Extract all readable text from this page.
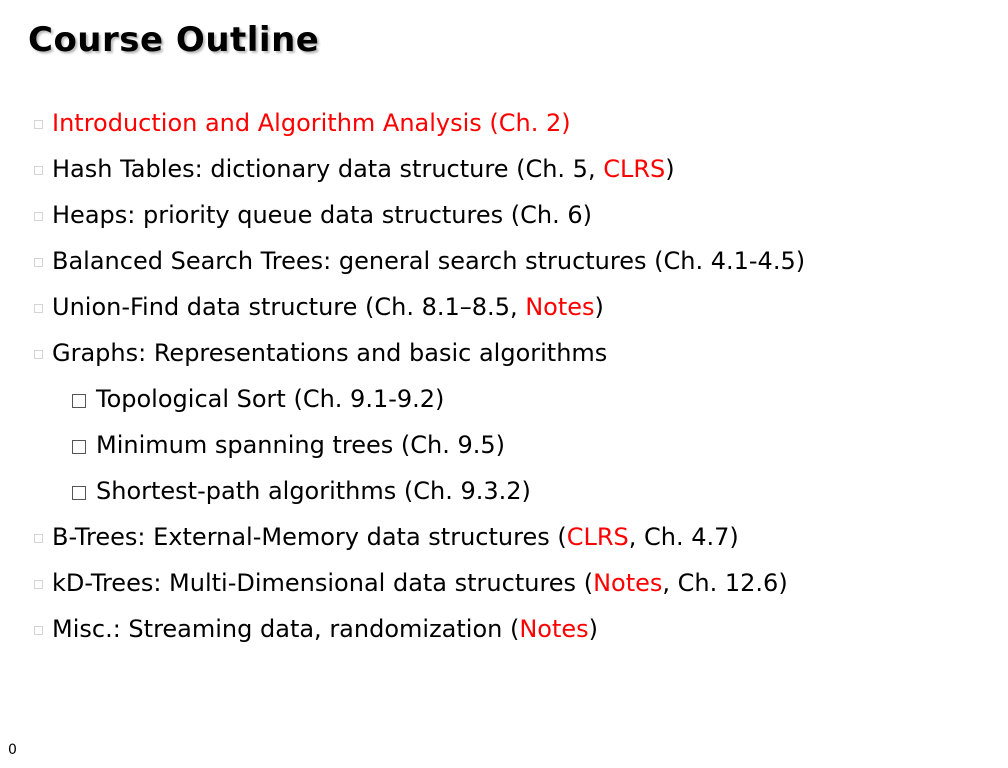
Course Outline
Introduction and Algorithm Analysis (Ch. 2)
Hash Tables: dictionary data structure (Ch. 5, CLRS)
Heaps: priority queue data structures (Ch. 6)
Balanced Search Trees: general search structures (Ch. 4.1-4.5)
Union-Find data structure (Ch. 8.1–8.5, Notes)
Graphs: Representations and basic algorithms
Topological Sort (Ch. 9.1-9.2)
Minimum spanning trees (Ch. 9.5)
Shortest-path algorithms (Ch. 9.3.2)
B-Trees: External-Memory data structures (CLRS, Ch. 4.7)
kD-Trees: Multi-Dimensional data structures (Notes, Ch. 12.6)
Misc.: Streaming data, randomization (Notes)
0
